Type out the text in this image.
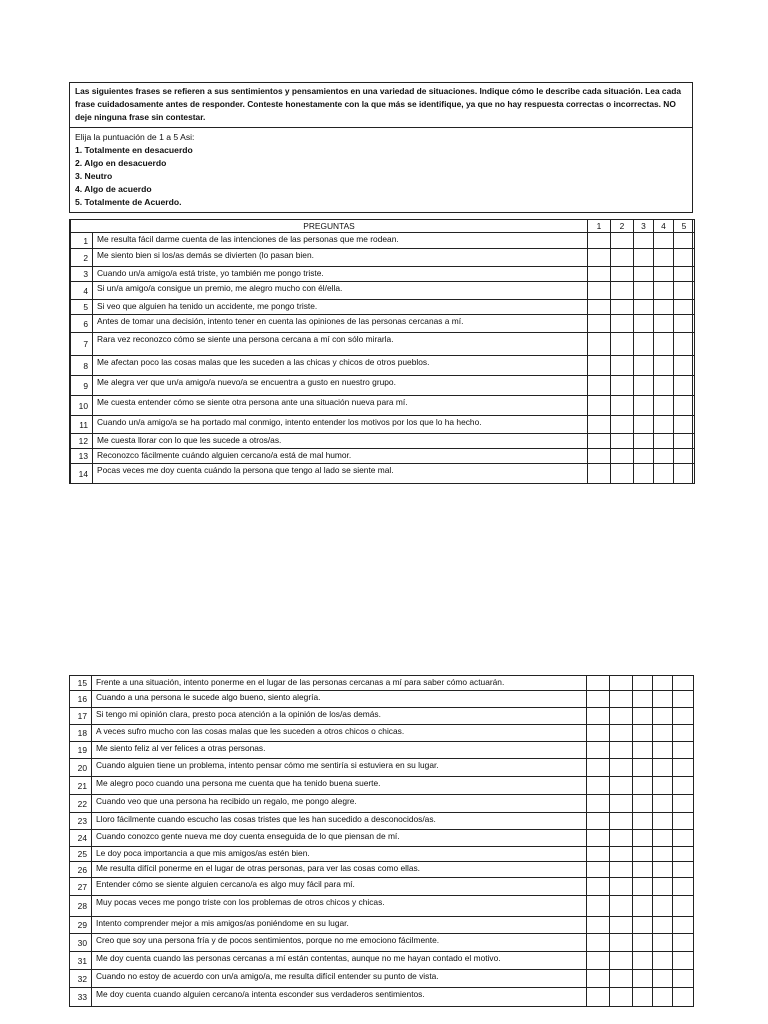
Las siguientes frases se refieren a sus sentimientos y pensamientos en una variedad de situaciones. Indique cómo le describe cada situación. Lea cada frase cuidadosamente antes de responder. Conteste honestamente con la que más se identifique, ya que no hay respuesta correctas o incorrectas. NO deje ninguna frase sin contestar.
Elija la puntuación de 1 a 5 Asi:
1. Totalmente en desacuerdo
2. Algo en desacuerdo
3. Neutro
4. Algo de acuerdo
5. Totalmente de Acuerdo.
PREGUNTAS		1	2	3	4	5
1	Me resulta fácil darme cuenta de las intenciones de las personas que me rodean.					
2	Me siento bien si los/as demás se divierten (lo pasan bien.					
3	Cuando un/a amigo/a está triste, yo también me pongo triste.					
4	Si un/a amigo/a consigue un premio, me alegro mucho con él/ella.					
5	Si veo que alguien ha tenido un accidente, me pongo triste.					
6	Antes de tomar una decisión, intento tener en cuenta las opiniones de las personas cercanas a mí.					
7	Rara vez reconozco cómo se siente una persona cercana a mí con sólo mirarla.					
8	Me afectan poco las cosas malas que les suceden a las chicas y chicos de otros pueblos.					
9	Me alegra ver que un/a amigo/a nuevo/a se encuentra a gusto en nuestro grupo.					
10	Me cuesta entender cómo se siente otra persona ante una situación nueva para mí.					
11	Cuando un/a amigo/a se ha portado mal conmigo, intento entender los motivos por los que lo ha hecho.					
12	Me cuesta llorar con lo que les sucede a otros/as.					
13	Reconozco fácilmente cuándo alguien cercano/a está de mal humor.					
14	Pocas veces me doy cuenta cuándo la persona que tengo al lado se siente mal.					
15	Frente a una situación, intento ponerme en el lugar de las personas cercanas a mí para saber cómo actuarán.					
16	Cuando a una persona le sucede algo bueno, siento alegría.					
17	Si tengo mi opinión clara, presto poca atención a la opinión de los/as demás.					
18	A veces sufro mucho con las cosas malas que les suceden a otros chicos o chicas.					
19	Me siento feliz al ver felices a otras personas.					
20	Cuando alguien tiene un problema, intento pensar cómo me sentiría si estuviera en su lugar.					
21	Me alegro poco cuando una persona me cuenta que ha tenido buena suerte.					
22	Cuando veo que una persona ha recibido un regalo, me pongo alegre.					
23	Lloro fácilmente cuando escucho las cosas tristes que les han sucedido a desconocidos/as.					
24	Cuando conozco gente nueva me doy cuenta enseguida de lo que piensan de mí.					
25	Le doy poca importancia a que mis amigos/as estén bien.					
26	Me resulta difícil ponerme en el lugar de otras personas, para ver las cosas como ellas.					
27	Entender cómo se siente alguien cercano/a es algo muy fácil para mí.					
28	Muy pocas veces me pongo triste con los problemas de otros chicos y chicas.					
29	Intento comprender mejor a mis amigos/as poniéndome en su lugar.					
30	Creo que soy una persona fría y de pocos sentimientos, porque no me emociono fácilmente.					
31	Me doy cuenta cuando las personas cercanas a mí están contentas, aunque no me hayan contado el motivo.					
32	Cuando no estoy de acuerdo con un/a amigo/a, me resulta difícil entender su punto de vista.					
33	Me doy cuenta cuando alguien cercano/a intenta esconder sus verdaderos sentimientos.					
